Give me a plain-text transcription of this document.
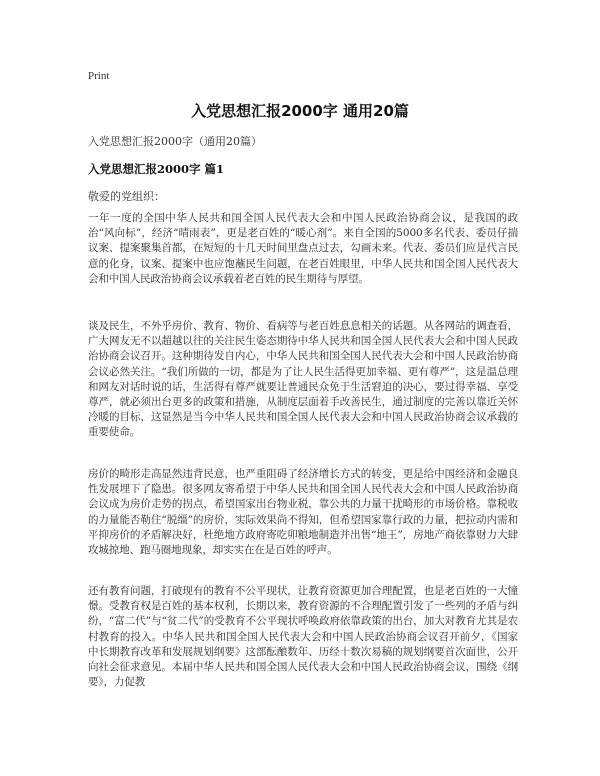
Print
入党思想汇报2000字 通用20篇
入党思想汇报2000字（通用20篇）
入党思想汇报2000字 篇1
敬爱的党组织：

一年一度的全国中华人民共和国全国人民代表大会和中国人民政治协商会议，是我国的政治“风向标”，经济“晴雨表”，更是老百姓的“暖心剂”。来自全国的5000多名代表、委员仔揣议案、提案聚集首都，在短短的十几天时间里盘点过去，勾画未来。代表、委员们应是代言民意的化身，议案、提案中也应饱蘸民生问题，在老百姓眼里，中华人民共和国全国人民代表大会和中国人民政治协商会议承载着老百姓的民生期待与厚望。

谈及民生，不外乎房价、教育、物价、看病等与老百姓息息相关的话题。从各网站的调查看，广大网友无不以超越以往的关注民生姿态期待中华人民共和国全国人民代表大会和中国人民政治协商会议召开。这种期待发自内心，中华人民共和国全国人民代表大会和中国人民政治协商会议必然关注。“我们所做的一切，都是为了让人民生活得更加幸福、更有尊严”，这是温总理和网友对话时说的话，生活得有尊严就要让普通民众免于生活窘迫的决心，要过得幸福、享受尊严，就必须出台更多的政策和措施，从制度层面着手改善民生，通过制度的完善以靠近关怀冷暖的目标，这显然是当今中华人民共和国全国人民代表大会和中国人民政治协商会议承载的重要使命。

房价的畸形走高显然违背民意，也严重阻碍了经济增长方式的转变，更是给中国经济和金融良性发展埋下了隐患。很多网友寄希望于中华人民共和国全国人民代表大会和中国人民政治协商会议成为房价走势的拐点，希望国家出台物业税，靠公共的力量干扰畸形的市场价格。靠税收的力量能否勒住“脱缰”的房价，实际效果尚不得知，但希望国家靠行政的力量，把拉动内需和平抑房价的矛盾解决好，杜绝地方政府寄吃卯粮地制造并出售“地王”，房地产商依靠财力大肆攻城掠地、跑马圈地现象，却实实在在是百姓的呼声。

还有教育问题，打破现有的教育不公平现状，让教育资源更加合理配置，也是老百姓的一大憧憬。受教育权是百姓的基本权利，长期以来，教育资源的不合理配置引发了一些列的矛盾与纠纷，“富二代”与“贫二代”的受教育不公平现状呼唤政府依靠政策的出台，加大对教育尤其是农村教育的投入。中华人民共和国全国人民代表大会和中国人民政治协商会议召开前夕，《国家中长期教育改革和发展规划纲要》这部酝酿数年、历经十数次易稿的规划纲要首次面世，公开向社会征求意见。本届中华人民共和国全国人民代表大会和中国人民政治协商会议，围绕《纲要》，力促教
